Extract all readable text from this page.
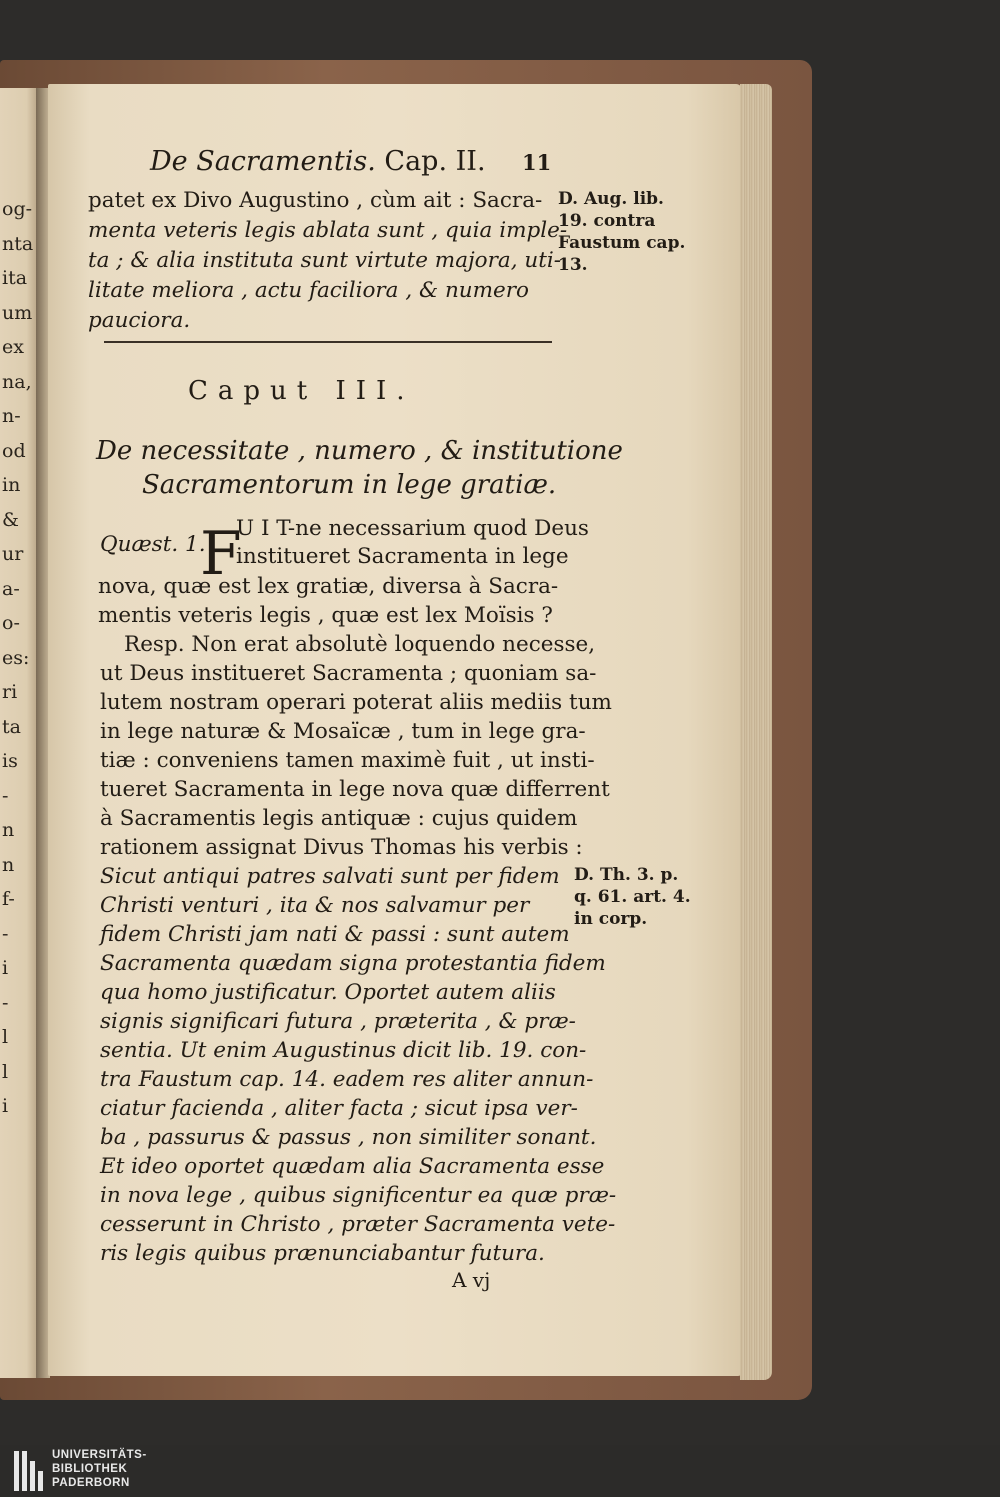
og-
nta
ita
um
ex
na,
n-
od
in
&
ur
a-
o-
es:
ri
ta
is
-
n
n
f-
-
i
-
l
l
i
De Sacramentis. Cap. II. 11
patet ex Divo Augustino , cùm ait : Sacra-
menta veteris legis ablata sunt , quia imple-
ta ; & alia instituta sunt virtute majora, uti-
litate meliora , actu faciliora , & numero
pauciora.
D. Aug. lib.
19. contra
Faustum cap.
13.
Caput III.
De necessitate , numero , & institutione
Sacramentorum in lege gratiæ.
Quæst. 1.
F
U I T-ne necessarium quod Deus
institueret Sacramenta in lege
nova, quæ est lex gratiæ, diversa à Sacra-
mentis veteris legis , quæ est lex Moïsis ?
Resp. Non erat absolutè loquendo necesse,
ut Deus institueret Sacramenta ; quoniam sa-
lutem nostram operari poterat aliis mediis tum
in lege naturæ & Mosaïcæ , tum in lege gra-
tiæ : conveniens tamen maximè fuit , ut insti-
tueret Sacramenta in lege nova quæ differrent
à Sacramentis legis antiquæ : cujus quidem
rationem assignat Divus Thomas his verbis :
Sicut antiqui patres salvati sunt per fidem
Christi venturi , ita & nos salvamur per
fidem Christi jam nati & passi : sunt autem
Sacramenta quædam signa protestantia fidem
qua homo justificatur. Oportet autem aliis
signis significari futura , præterita , & præ-
sentia. Ut enim Augustinus dicit lib. 19. con-
tra Faustum cap. 14. eadem res aliter annun-
ciatur facienda , aliter facta ; sicut ipsa ver-
ba , passurus & passus , non similiter sonant.
Et ideo oportet quædam alia Sacramenta esse
in nova lege , quibus significentur ea quæ præ-
cesserunt in Christo , præter Sacramenta vete-
ris legis quibus prænunciabantur futura.
D. Th. 3. p.
q. 61. art. 4.
in corp.
A vj
UNIVERSITÄTS-
BIBLIOTHEK
PADERBORN
